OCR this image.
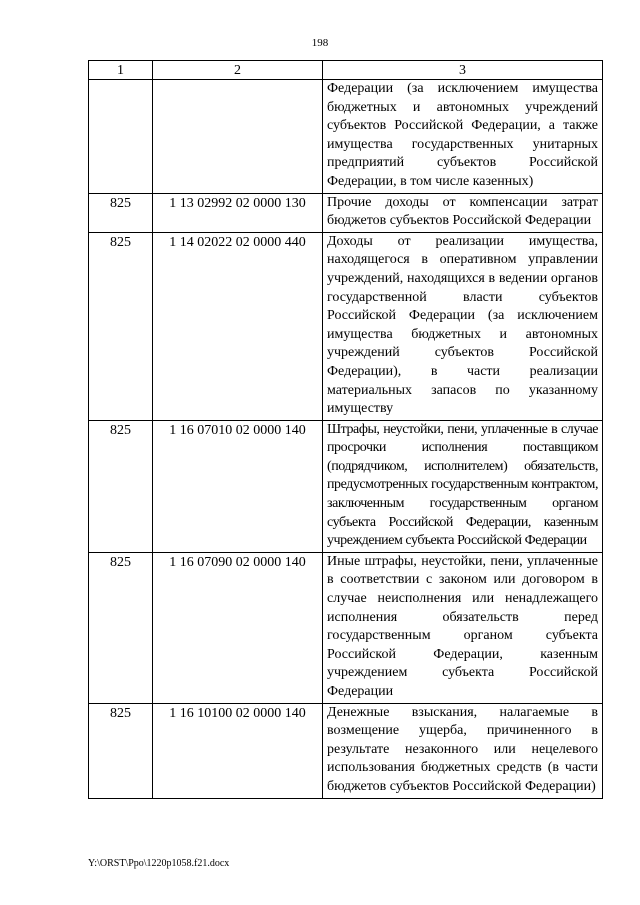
198
1	2	3
		Федерации (за исключением имущества бюджетных и автономных учреждений субъектов Российской Федерации, а также имущества государственных унитарных предприятий субъектов Российской Федерации, в том числе казенных)
825	1 13 02992 02 0000 130	Прочие доходы от компенсации затрат бюджетов субъектов Российской Федерации
825	1 14 02022 02 0000 440	Доходы от реализации имущества, находящегося в оперативном управлении учреждений, находящихся в ведении органов государственной власти субъектов Российской Федерации (за исключением имущества бюджетных и автономных учреждений субъектов Российской Федерации), в части реализации материальных запасов по указанному имуществу
825	1 16 07010 02 0000 140	Штрафы, неустойки, пени, уплаченные в случае просрочки исполнения поставщиком (подрядчиком, исполнителем) обязательств, предусмотренных государственным контрактом, заключенным государственным органом субъекта Российской Федерации, казенным учреждением субъекта Российской Федерации
825	1 16 07090 02 0000 140	Иные штрафы, неустойки, пени, уплаченные в соответствии с законом или договором в случае неисполнения или ненадлежащего исполнения обязательств перед государственным органом субъекта Российской Федерации, казенным учреждением субъекта Российской Федерации
825	1 16 10100 02 0000 140	Денежные взыскания, налагаемые в возмещение ущерба, причиненного в результате незаконного или нецелевого использования бюджетных средств (в части бюджетов субъектов Российской Федерации)
Y:\ORST\Ppo\1220p1058.f21.docx
